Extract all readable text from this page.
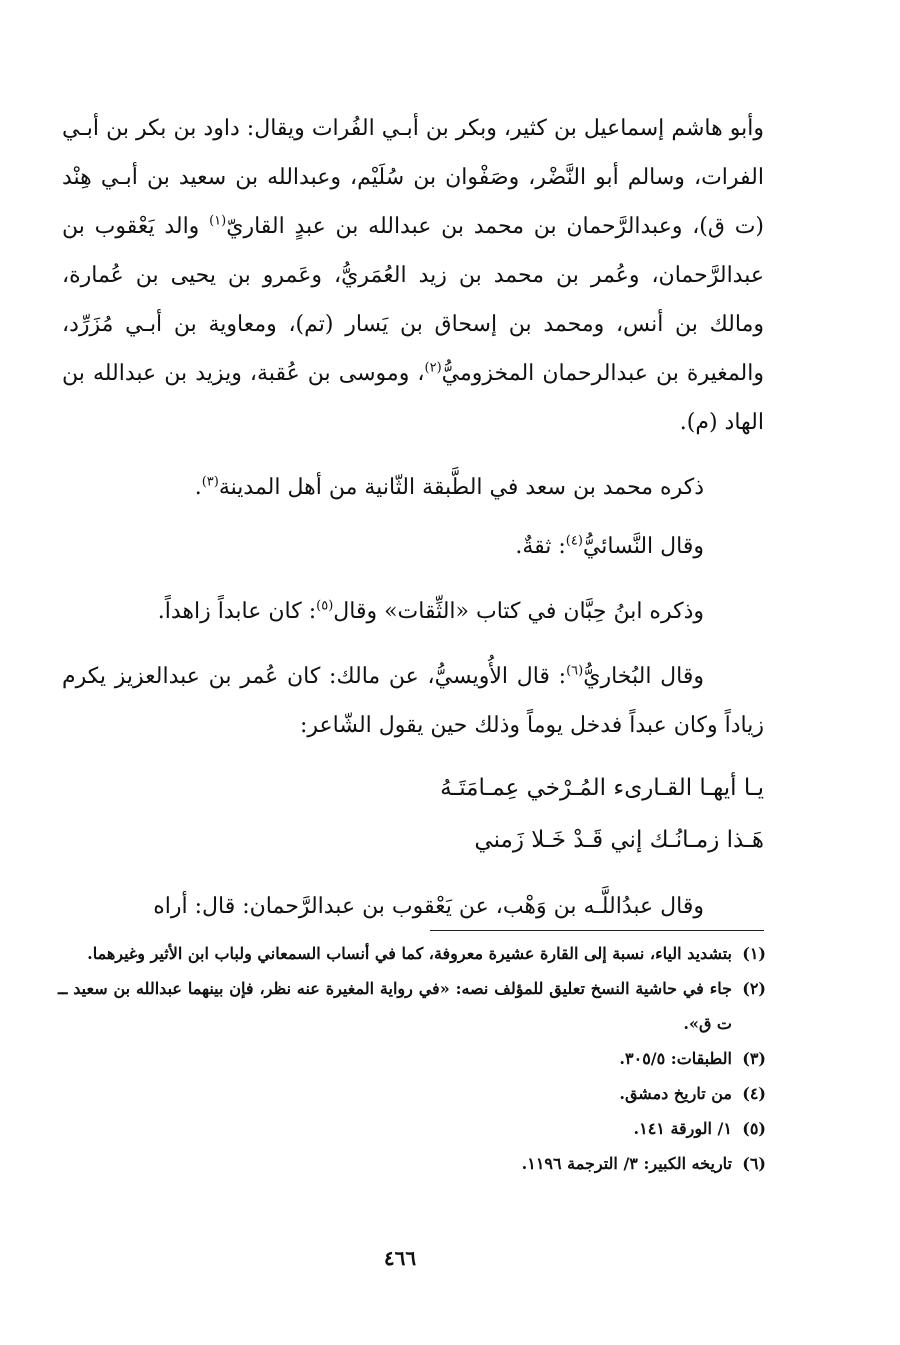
وأبو هاشم إسماعيل بن كثير، وبكر بن أبـي الفُرات ويقال: داود بن بكر بن أبـي الفرات، وسالم أبو النَّضْر، وصَفْوان بن سُلَيْم، وعبدالله بن سعيد بن أبـي هِنْد (ت ق)، وعبدالرَّحمان بن محمد بن عبدالله بن عبدٍ القاريّ$^{(١)}$ والد يَعْقوب بن عبدالرَّحمان، وعُمر بن محمد بن زيد العُمَريُّ، وعَمرو بن يحيى بن عُمارة، ومالك بن أنس، ومحمد بن إسحاق بن يَسار (تم)، ومعاوية بن أبـي مُزَرِّد، والمغيرة بن عبدالرحمان المخزوميُّ$^{(٢)}$، وموسى بن عُقبة، ويزيد بن عبدالله بن الهاد (م).

ذكره محمد بن سعد في الطَّبقة الثّانية من أهل المدينة$^{(٣)}$.

وقال النَّسائيُّ$^{(٤)}$: ثقةٌ.

وذكره ابنُ حِبَّان في كتاب «الثِّقات» وقال$^{(٥)}$: كان عابداً زاهداً.

وقال البُخاريُّ$^{(٦)}$: قال الأُويسيُّ، عن مالك: كان عُمر بن عبدالعزيز يكرم زياداً وكان عبداً فدخل يوماً وذلك حين يقول الشّاعر:

يـا أيهـا القـارىء المُـرْخي عِمـامَتَـهُ
هَـذا زمـانُـك إني قَـدْ خَـلا زَمني

وقال عبدُاللَّـه بن وَهْب، عن يَعْقوب بن عبدالرَّحمان: قال: أراه

(١)
بتشديد الياء، نسبة إلى القارة عشيرة معروفة، كما في أنساب السمعاني ولباب ابن الأثير وغيرهما.
(٢)
جاء في حاشية النسخ تعليق للمؤلف نصه: «في رواية المغيرة عنه نظر، فإن بينهما عبدالله بن سعيد ــ ت ق».
(٣)
الطبقات: ٣٠٥/٥.
(٤)
من تاريخ دمشق.
(٥)
١/ الورقة ١٤١.
(٦)
تاريخه الكبير: ٣/ الترجمة ١١٩٦.
٤٦٦
